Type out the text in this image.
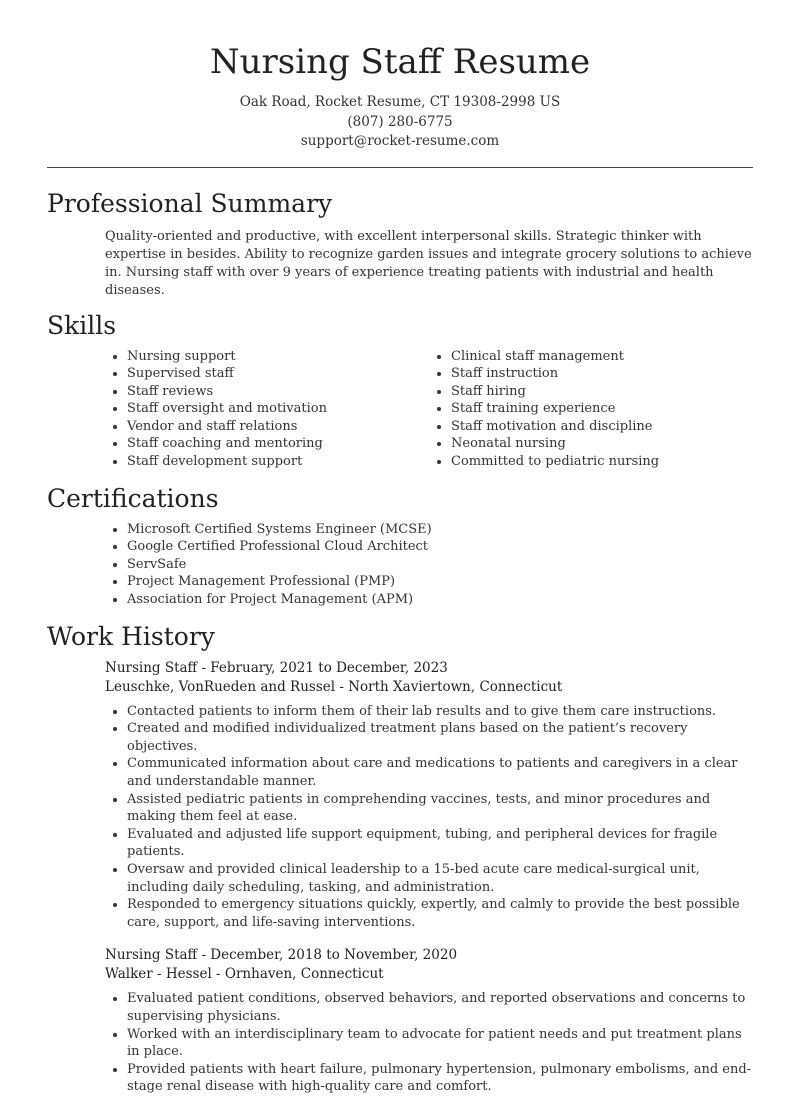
Nursing Staff Resume
Oak Road, Rocket Resume, CT 19308-2998 US
(807) 280-6775
support@rocket-resume.com
Professional Summary

Quality-oriented and productive, with excellent interpersonal skills. Strategic thinker with expertise in besides. Ability to recognize garden issues and integrate grocery solutions to achieve in. Nursing staff with over 9 years of experience treating patients with industrial and health diseases.

Skills
• Nursing support
• Supervised staff
• Staff reviews
• Staff oversight and motivation
• Vendor and staff relations
• Staff coaching and mentoring
• Staff development support
• Clinical staff management
• Staff instruction
• Staff hiring
• Staff training experience
• Staff motivation and discipline
• Neonatal nursing
• Committed to pediatric nursing
Certifications
• Microsoft Certified Systems Engineer (MCSE)
• Google Certified Professional Cloud Architect
• ServSafe
• Project Management Professional (PMP)
• Association for Project Management (APM)
Work History
Nursing Staff - February, 2021 to December, 2023
Leuschke, VonRueden and Russel - North Xaviertown, Connecticut
• Contacted patients to inform them of their lab results and to give them care instructions.
• Created and modified individualized treatment plans based on the patient’s recovery objectives.
• Communicated information about care and medications to patients and caregivers in a clear and understandable manner.
• Assisted pediatric patients in comprehending vaccines, tests, and minor procedures and making them feel at ease.
• Evaluated and adjusted life support equipment, tubing, and peripheral devices for fragile patients.
• Oversaw and provided clinical leadership to a 15-bed acute care medical-surgical unit, including daily scheduling, tasking, and administration.
• Responded to emergency situations quickly, expertly, and calmly to provide the best possible care, support, and life-saving interventions.
Nursing Staff - December, 2018 to November, 2020
Walker - Hessel - Ornhaven, Connecticut
• Evaluated patient conditions, observed behaviors, and reported observations and concerns to supervising physicians.
• Worked with an interdisciplinary team to advocate for patient needs and put treatment plans in place.
• Provided patients with heart failure, pulmonary hypertension, pulmonary embolisms, and end-stage renal disease with high-quality care and comfort.
